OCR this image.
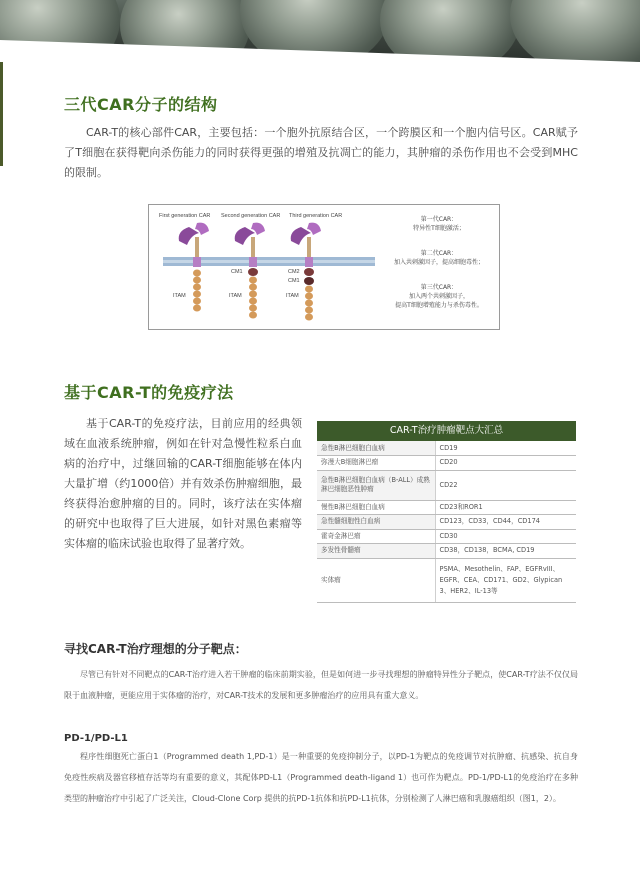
三代CAR分子的结构

CAR-T的核心部件CAR，主要包括：一个胞外抗原结合区，一个跨膜区和一个胞内信号区。CAR赋予了T细胞在获得靶向杀伤能力的同时获得更强的增殖及抗凋亡的能力，其肿瘤的杀伤作用也不会受到MHC的限制。

First generation CAR Second generation CAR Third generation CAR
CM1	CM2
CM1
ITAM	ITAM	ITAM
第一代CAR：
特异性T细胞激活；
第二代CAR：
加入共刺激因子，提高细胞毒性；
第三代CAR：
加入两个共刺激因子，
提高T细胞增殖能力与杀伤毒性。
基于CAR-T的免疫疗法

基于CAR-T的免疫疗法，目前应用的经典领域在血液系统肿瘤，例如在针对急慢性粒系白血病的治疗中，过继回输的CAR-T细胞能够在体内大量扩增（约1000倍）并有效杀伤肿瘤细胞，最终获得治愈肿瘤的目的。同时，该疗法在实体瘤的研究中也取得了巨大进展，如针对黑色素瘤等实体瘤的临床试验也取得了显著疗效。

CAR-T治疗肿瘤靶点大汇总
急性B淋巴细胞白血病	CD19
弥漫大B细胞淋巴瘤	CD20
急性B淋巴细胞白血病（B-ALL）成熟淋巴细胞恶性肿瘤	CD22
慢性B淋巴细胞白血病	CD23和ROR1
急性髓细胞性白血病	CD123，CD33，CD44，CD174
霍奇金淋巴瘤	CD30
多发性骨髓瘤	CD38，CD138，BCMA, CD19
实体瘤	PSMA、Mesothelin、FAP、EGFRvIII、EGFR、CEA、CD171、GD2、Glypican 3、HER2、IL-13等
寻找CAR-T治疗理想的分子靶点：

尽管已有针对不同靶点的CAR-T治疗进入若干肿瘤的临床前期实验，但是如何进一步寻找理想的肿瘤特异性分子靶点，使CAR-T疗法不仅仅局限于血液肿瘤，更能应用于实体瘤的治疗，对CAR-T技术的发展和更多肿瘤治疗的应用具有重大意义。

PD-1/PD-L1

程序性细胞死亡蛋白1（Programmed death 1,PD-1）是一种重要的免疫抑制分子，以PD-1为靶点的免疫调节对抗肿瘤、抗感染、抗自身免疫性疾病及器官移植存活等均有重要的意义，其配体PD-L1（Programmed death-ligand 1）也可作为靶点。PD-1/PD-L1的免疫治疗在多种类型的肿瘤治疗中引起了广泛关注，Cloud-Clone Corp 提供的抗PD-1抗体和抗PD-L1抗体，分别检测了人淋巴癌和乳腺癌组织（图1，2）。
